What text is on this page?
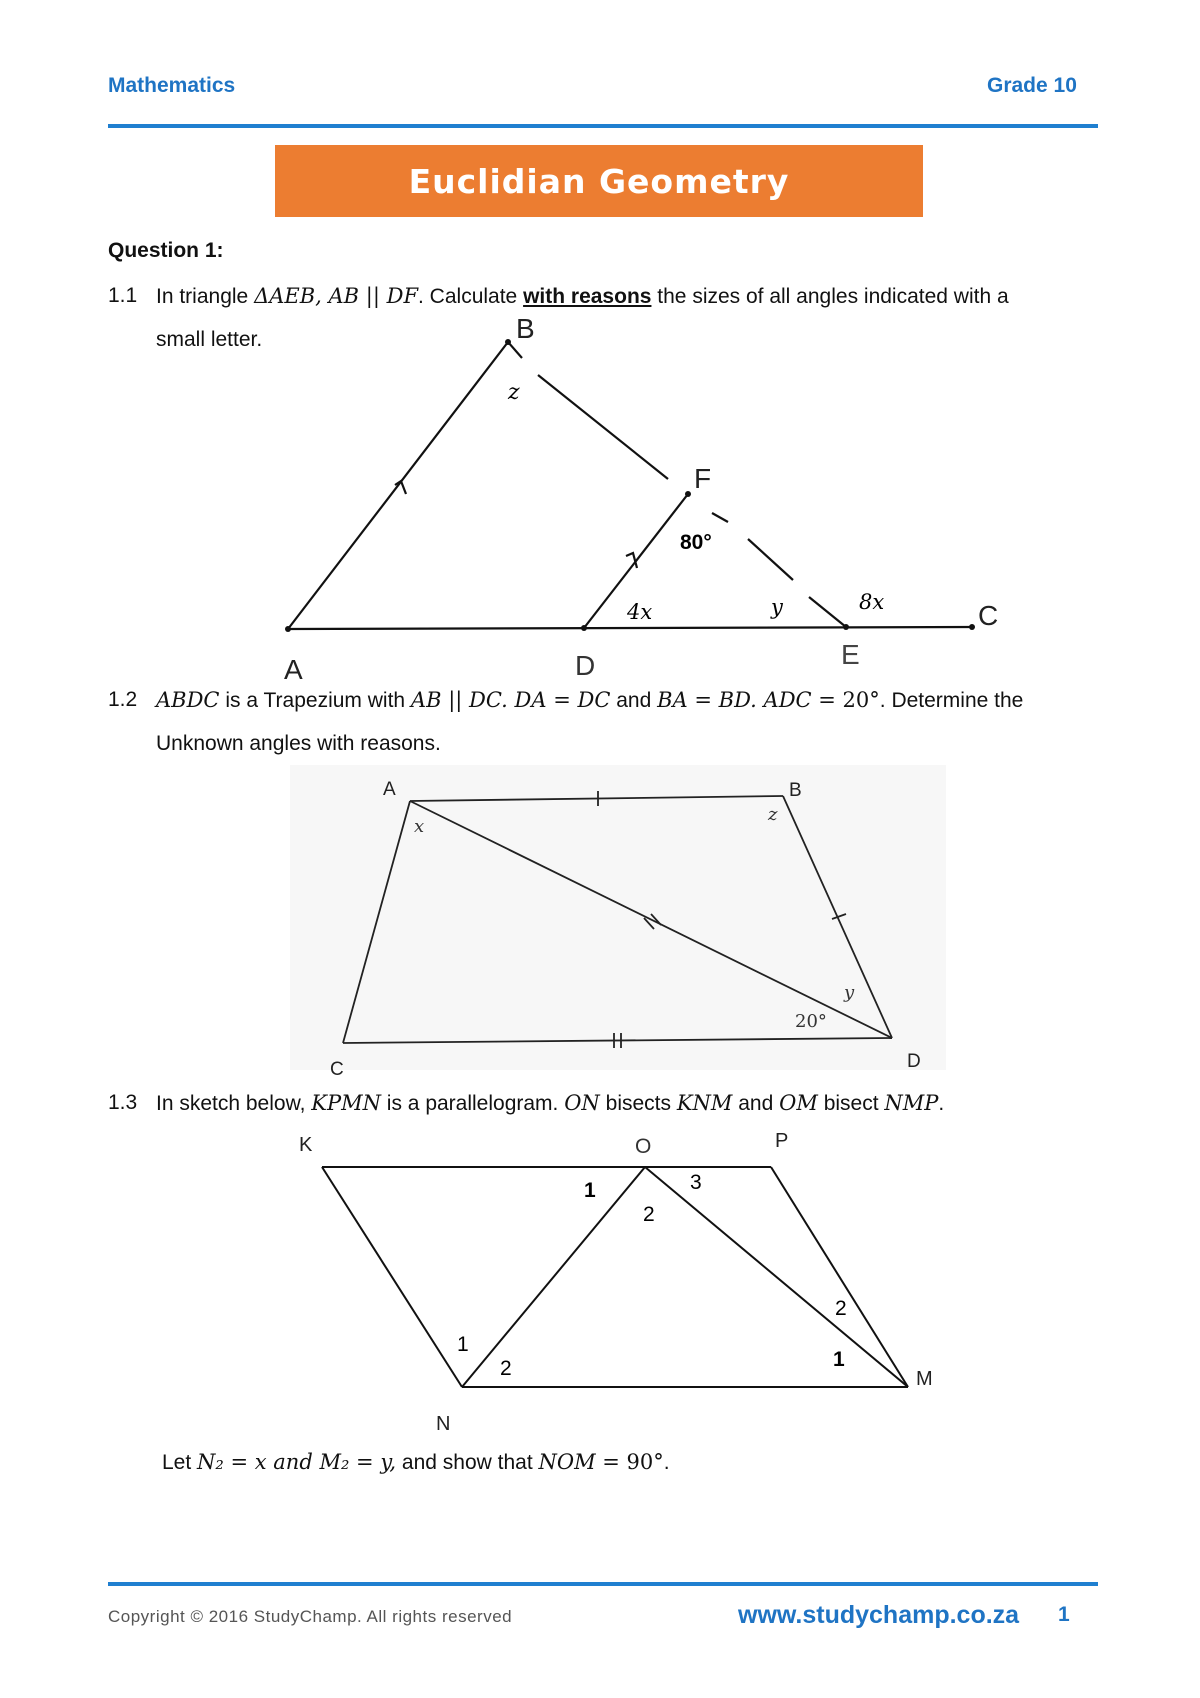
Mathematics	Grade 10
Euclidian Geometry
Question 1:
1.1 In triangle ΔAEB, AB || DF. Calculate with reasons the sizes of all angles indicated with a
small letter.	B
F
A	D	E
C
z
80°
4x	y	8x
A	B
C	D
x
z
y
20°
K	O	P
N
M
1
2
3
1
2	1
2
1.2 ABDC is a Trapezium with AB || DC. DA = DC and BA = BD. ADC = 20°. Determine the
Unknown angles with reasons.
1.3 In sketch below, KPMN is a parallelogram. ON bisects KNM and OM bisect NMP.
Let N₂ = x and M₂ = y, and show that NOM = 90°.
Copyright © 2016 StudyChamp. All rights reserved	www.studychamp.co.za 1
